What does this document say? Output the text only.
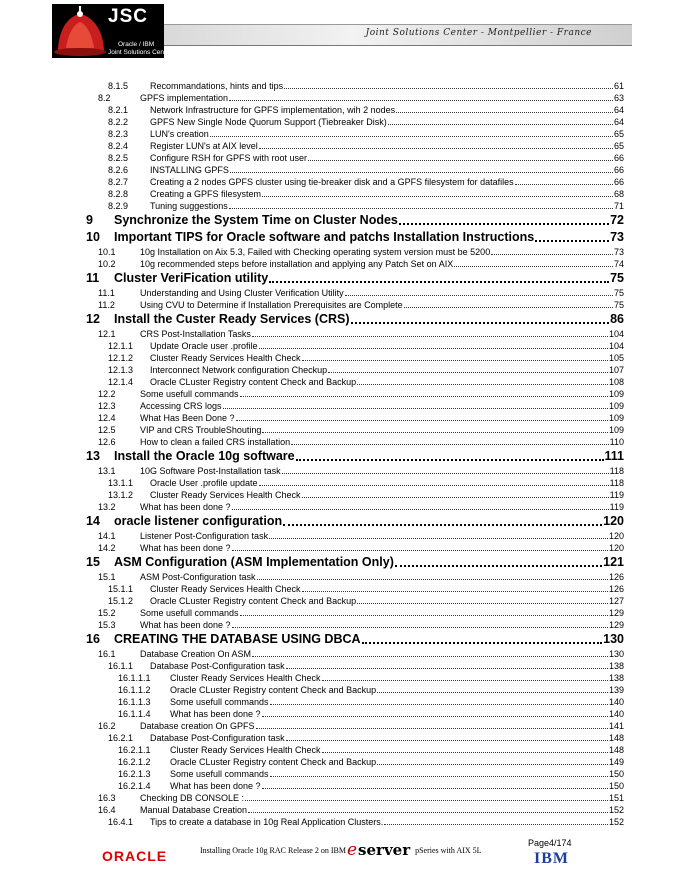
JSC
Oracle / IBM
Joint Solutions Center
Joint Solutions Center - Montpellier - France
8.1.5	Recommandations, hints and tips	61
8.2	GPFS implementation	63
8.2.1	Network Infrastructure for GPFS implementation, wih 2 nodes	64
8.2.2	GPFS New Single Node Quorum Support (Tiebreaker Disk)	64
8.2.3	LUN's creation	65
8.2.4	Register LUN's at AIX level	65
8.2.5	Configure RSH for GPFS with root user	66
8.2.6	INSTALLING GPFS	66
8.2.7	Creating a 2 nodes GPFS cluster using tie-breaker disk and a GPFS filesystem for datafiles	66
8.2.8	Creating a GPFS filesystem	68
8.2.9	Tuning suggestions	71
9	Synchronize the System Time on Cluster Nodes	72
10	Important TIPS for Oracle software and patchs Installation Instructions	73
10.1	10g Installation on Aix 5.3, Failed with Checking operating system version must be 5200	73
10.2	10g recommended steps before installation and applying any Patch Set on AIX	74
11	Cluster VeriFication utility	75
11.1	Understanding and Using Cluster Verification Utility	75
11.2	Using CVU to Determine if Installation Prerequisites are Complete	75
12	Install the Custer Ready Services (CRS)	86
12.1	CRS Post-Installation Tasks	104
12.1.1	Update Oracle user .profile	104
12.1.2	Cluster Ready Services Health Check	105
12.1.3	Interconnect Network configuration Checkup	107
12.1.4	Oracle CLuster Registry content Check and Backup	108
12.2	Some usefull commands	109
12.3	Accessing CRS logs	109
12.4	What Has Been Done ?	109
12.5	VIP and CRS TroubleShouting	109
12.6	How to clean a failed CRS installation	110
13	Install the Oracle 10g software	111
13.1	10G Software Post-Installation task	118
13.1.1	Oracle User .profile update	118
13.1.2	Cluster Ready Services Health Check	119
13.2	What has been done ?	119
14	oracle listener configuration	120
14.1	Listener Post-Configuration task	120
14.2	What has been done ?	120
15	ASM Configuration (ASM Implementation Only)	121
15.1	ASM Post-Configuration task	126
15.1.1	Cluster Ready Services Health Check	126
15.1.2	Oracle CLuster Registry content Check and Backup	127
15.2	Some usefull commands	129
15.3	What has been done ?	129
16	CREATING THE DATABASE USING DBCA	130
16.1	Database Creation On ASM	130
16.1.1	Database Post-Configuration task	138
16.1.1.1	Cluster Ready Services Health Check	138
16.1.1.2	Oracle CLuster Registry content Check and Backup	139
16.1.1.3	Some usefull commands	140
16.1.1.4	What has been done ?	140
16.2	Database creation On GPFS	141
16.2.1	Database Post-Configuration task	148
16.2.1.1	Cluster Ready Services Health Check	148
16.2.1.2	Oracle CLuster Registry content Check and Backup	149
16.2.1.3	Some usefull commands	150
16.2.1.4	What has been done ?	150
16.3	Checking DB CONSOLE :	151
16.4	Manual Database Creation	152
16.4.1	Tips to create a database in 10g Real Application Clusters.	152
ORACLE	Installing Oracle 10g RAC Release 2 on IBM e server pSeries with AIX 5L
Page4/174
IBM
